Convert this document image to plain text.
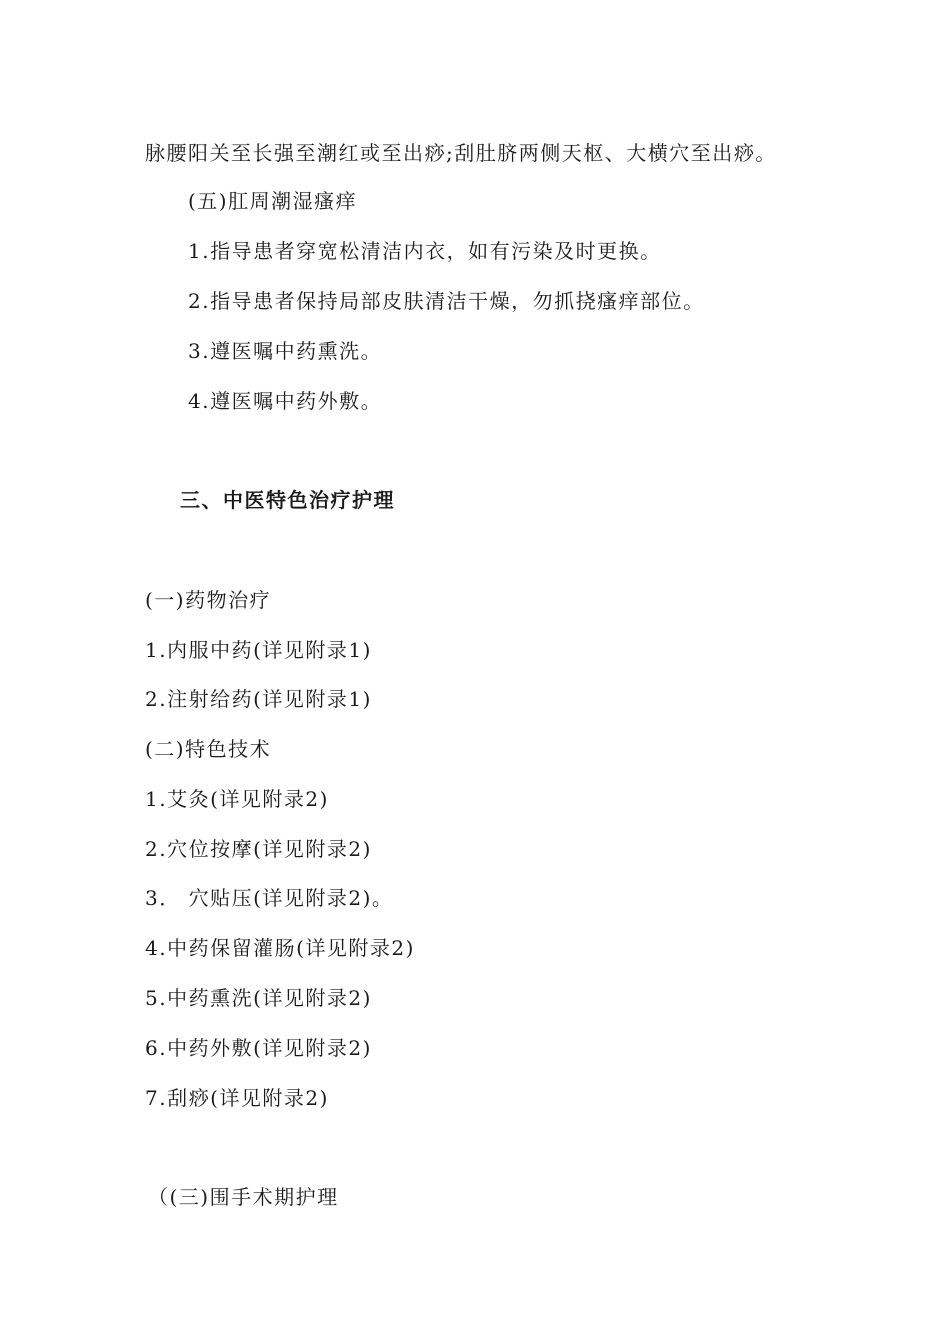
脉腰阳关至长强至潮红或至出痧;刮肚脐两侧天枢、大横穴至出痧。
(五)肛周潮湿瘙痒
1.指导患者穿宽松清洁内衣，如有污染及时更换。
2.指导患者保持局部皮肤清洁干燥，勿抓挠瘙痒部位。
3.遵医嘱中药熏洗。
4.遵医嘱中药外敷。
三、中医特色治疗护理
(一)药物治疗
1.内服中药(详见附录1)
2.注射给药(详见附录1)
(二)特色技术
1.艾灸(详见附录2)
2.穴位按摩(详见附录2)
3． 穴贴压(详见附录2)。
4.中药保留灌肠(详见附录2)
5.中药熏洗(详见附录2)
6.中药外敷(详见附录2)
7.刮痧(详见附录2)
（(三)围手术期护理
